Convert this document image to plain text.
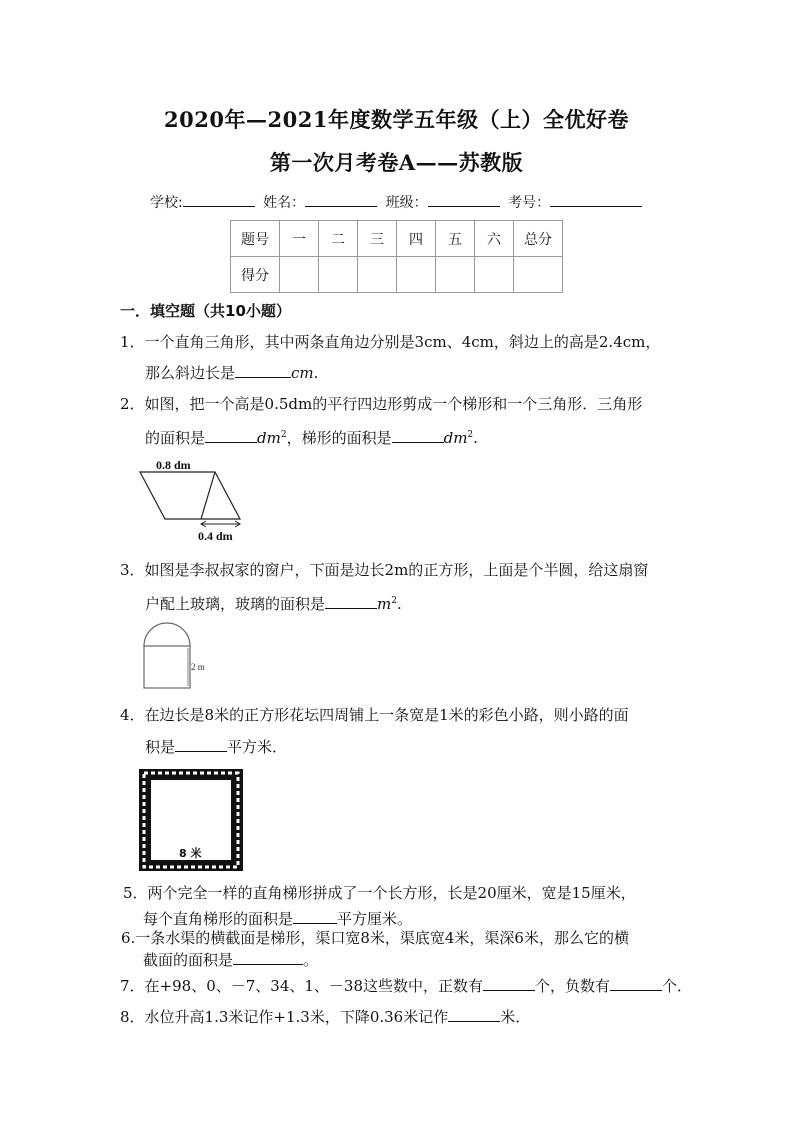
2020年—2021年度数学五年级（上）全优好卷
第一次月考卷A——苏教版
学校:	姓名：	班级：	考号：
题号	一	二	三	四	五	六	总分
得分							
一．填空题（共10小题）
1．一个直角三角形，其中两条直角边分别是3cm、4cm，斜边上的高是2.4cm，
那么斜边长是	cm.
2．如图，把一个高是0.5dm的平行四边形剪成一个梯形和一个三角形．三角形
的面积是	$dm^2$，梯形的面积是	$dm^2$.
0.8 dm
0.4 dm
3．如图是李叔叔家的窗户，下面是边长2m的正方形，上面是个半圆，给这扇窗
户配上玻璃，玻璃的面积是	$m^2$.
2 m
4．在边长是8米的正方形花坛四周铺上一条宽是1米的彩色小路，则小路的面
积是	平方米．
8 米
5．两个完全一样的直角梯形拼成了一个长方形，长是20厘米，宽是15厘米，
每个直角梯形的面积是	平方厘米。
6.一条水渠的横截面是梯形，渠口宽8米，渠底宽4米，渠深6米，那么它的横
截面的面积是	。
7．在+98、0、－7、34、1、－38这些数中，正数有	个，负数有	个．
8．水位升高1.3米记作+1.3米，下降0.36米记作	米．
